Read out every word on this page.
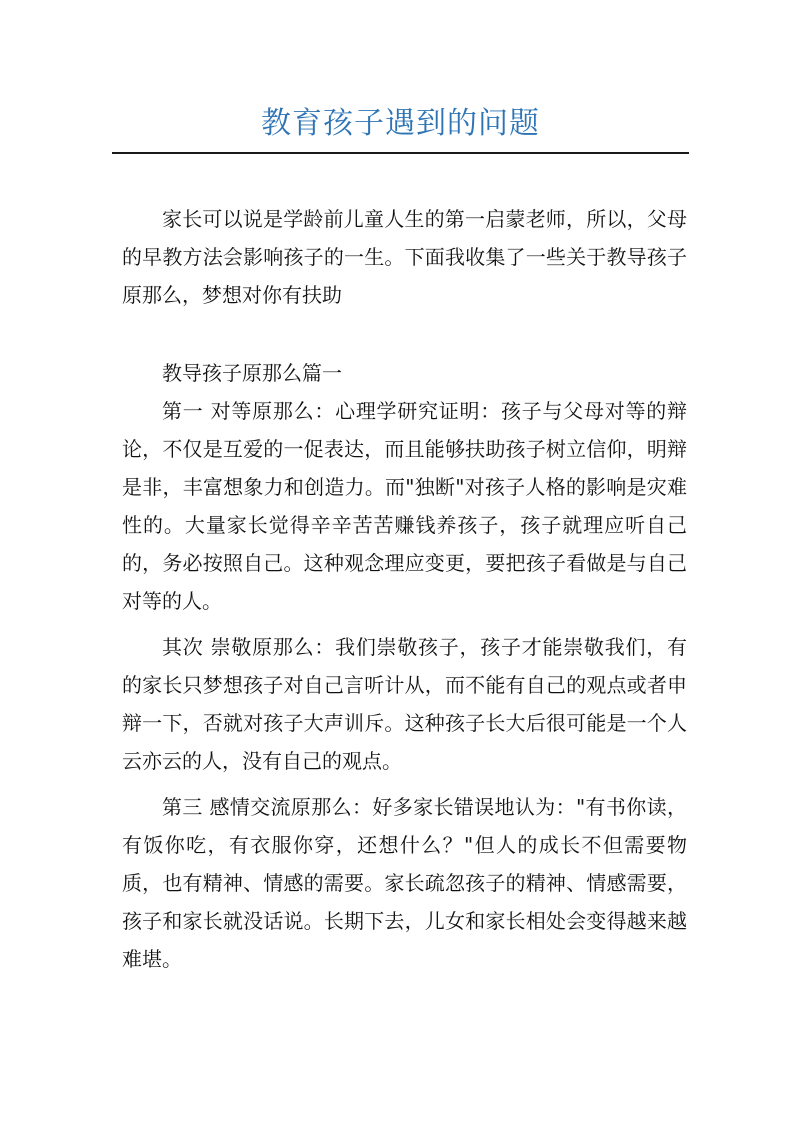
教育孩子遇到的问题

家长可以说是学龄前儿童人生的第一启蒙老师，所以，父母的早教方法会影响孩子的一生。下面我收集了一些关于教导孩子原那么，梦想对你有扶助

教导孩子原那么篇一

第一 对等原那么：心理学研究证明：孩子与父母对等的辩论，不仅是互爱的一促表达，而且能够扶助孩子树立信仰，明辩是非，丰富想象力和创造力。而"独断"对孩子人格的影响是灾难性的。大量家长觉得辛辛苦苦赚钱养孩子，孩子就理应听自己的，务必按照自己。这种观念理应变更，要把孩子看做是与自己对等的人。

其次 崇敬原那么：我们崇敬孩子，孩子才能崇敬我们，有的家长只梦想孩子对自己言听计从，而不能有自己的观点或者申辩一下，否就对孩子大声训斥。这种孩子长大后很可能是一个人云亦云的人，没有自己的观点。

第三 感情交流原那么：好多家长错误地认为："有书你读，有饭你吃，有衣服你穿，还想什么？"但人的成长不但需要物质，也有精神、情感的需要。家长疏忽孩子的精神、情感需要，孩子和家长就没话说。长期下去，儿女和家长相处会变得越来越难堪。
